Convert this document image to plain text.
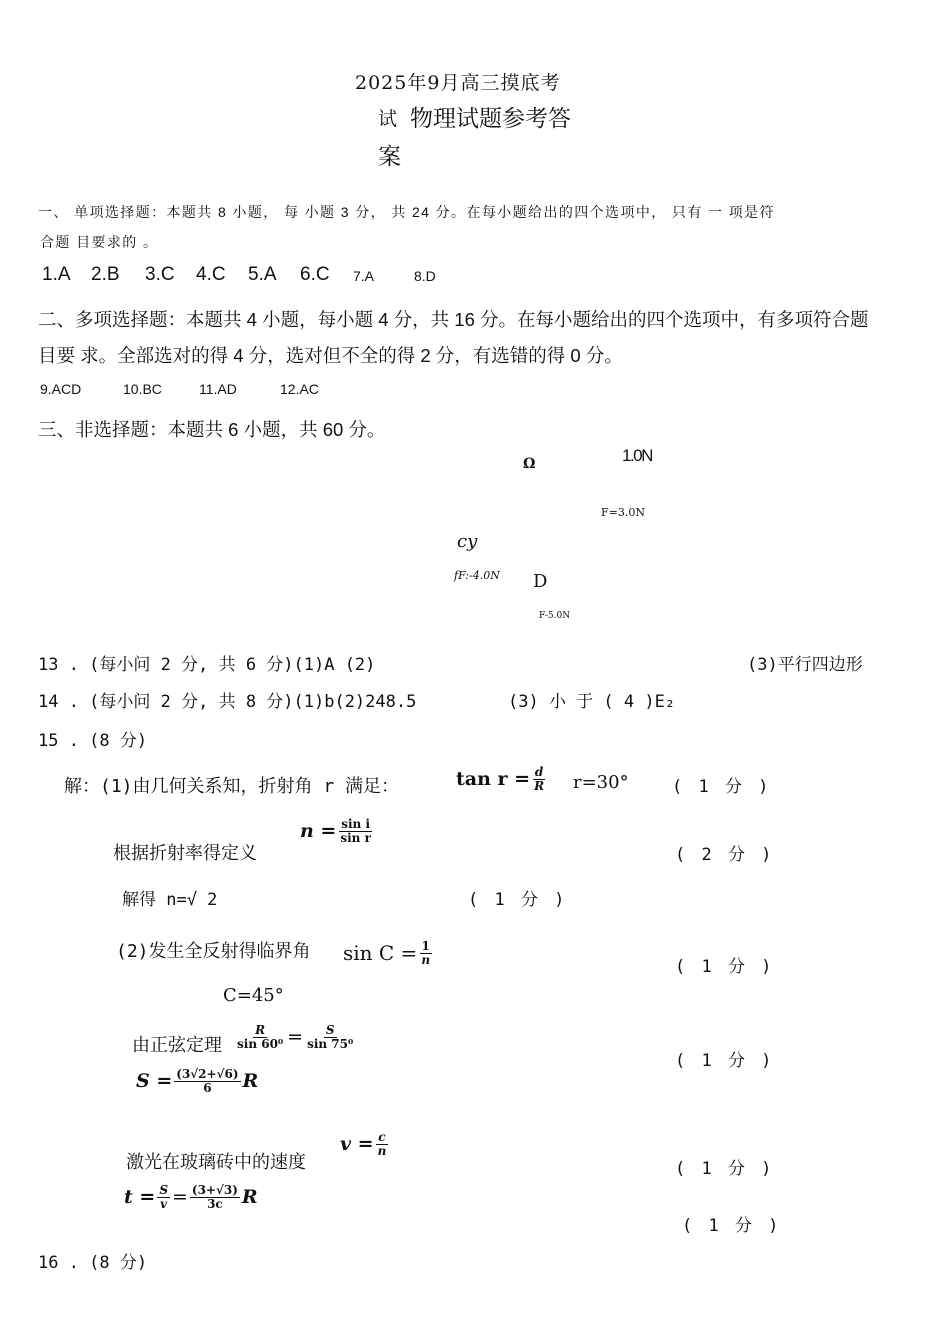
2025年9月高三摸底考
试 物理试题参考答
案
一、 单项选择题：本题共 8 小题， 每 小题 3 分， 共 24 分。在每小题给出的四个选项中， 只有 一 项是符
合题 目要求的 。
1.A 2.B 3.C 4.C 5.A 6.C 7.A	8.D
二、多项选择题：本题共 4 小题，每小题 4 分，共 16 分。在每小题给出的四个选项中，有多项符合题
目要 求。全部选对的得 4 分，选对但不全的得 2 分，有选错的得 0 分。
9.ACD	10.BC	11.AD	12.AC
三、非选择题：本题共 6 小题，共 60 分。
Ω	1.0N
F=3.0N
cy
fF:-4.0N D
F-5.0N
13 . (每小问 2 分, 共 6 分)(1)A (2)	(3)平行四边形
14 . (每小问 2 分, 共 8 分)(1)b(2)248.5	(3) 小 于 ( 4 )E₂
15 . (8 分)
解：(1)由几何关系知，折射角 r 满足：	$\tan r = \frac{d}{R} r=30^\circ$	( 1 分 )
$n = \frac{\text{sin i}}{\text{sin r}}$
根据折射率得定义	( 2 分 )
解得 n=√ 2	( 1 分 )
(2)发生全反射得临界角 $\sin C = \frac{1}{n}$
( 1 分 )
C=45°
由正弦定理 $\frac{R}{\text{sin 60⁰}} = \frac{S}{\text{sin 75⁰}}$
( 1 分 )
$S = \frac{(3√2+√6)}{6}$ R
激光在玻璃砖中的速度
$v = \frac{c}{n}$
( 1 分 )
$t = \frac{S}{v} = \frac{(3+√3)}{3c}$ R
( 1 分 )
16 . (8 分)
